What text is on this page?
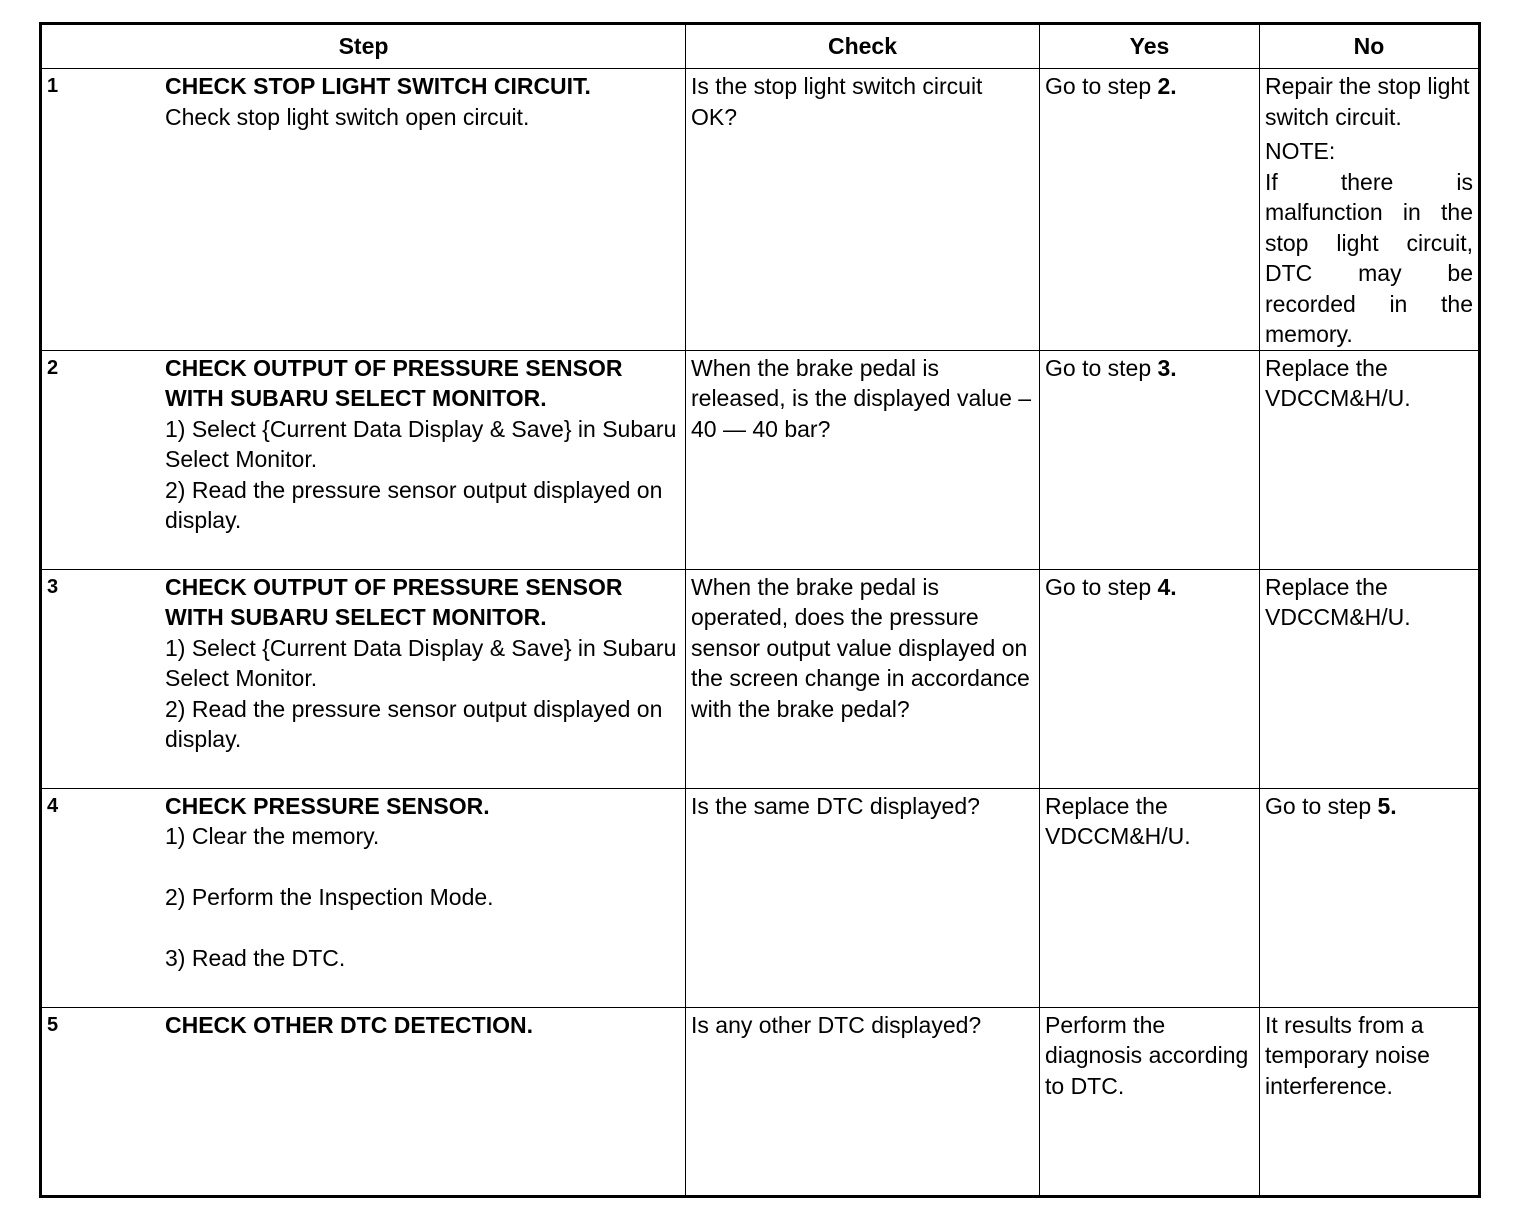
Step	Check	Yes	No

1 CHECK STOP LIGHT SWITCH CIRCUIT.
Check stop light switch open circuit.	Is the stop light switch circuit OK?	Go to step 2.	Repair the stop light switch circuit.
NOTE:
If there is malfunction in the stop light circuit, DTC may be recorded in the memory.

2 CHECK OUTPUT OF PRESSURE SENSOR WITH SUBARU SELECT MONITOR.
1) Select {Current Data Display & Save} in Subaru Select Monitor.
2) Read the pressure sensor output displayed on display.	When the brake pedal is released, is the displayed value –40 — 40 bar?	Go to step 3.	Replace the VDCCM&H/U.

3 CHECK OUTPUT OF PRESSURE SENSOR WITH SUBARU SELECT MONITOR.
1) Select {Current Data Display & Save} in Subaru Select Monitor.
2) Read the pressure sensor output displayed on display.	When the brake pedal is operated, does the pressure sensor output value displayed on the screen change in accordance with the brake pedal?	Go to step 4.	Replace the VDCCM&H/U.

4 CHECK PRESSURE SENSOR.
1) Clear the memory.
2) Perform the Inspection Mode.
3) Read the DTC.	Is the same DTC displayed?	Replace the VDCCM&H/U.	Go to step 5.

5 CHECK OTHER DTC DETECTION.	Is any other DTC displayed?	Perform the diagnosis according to DTC.	It results from a temporary noise interference.
